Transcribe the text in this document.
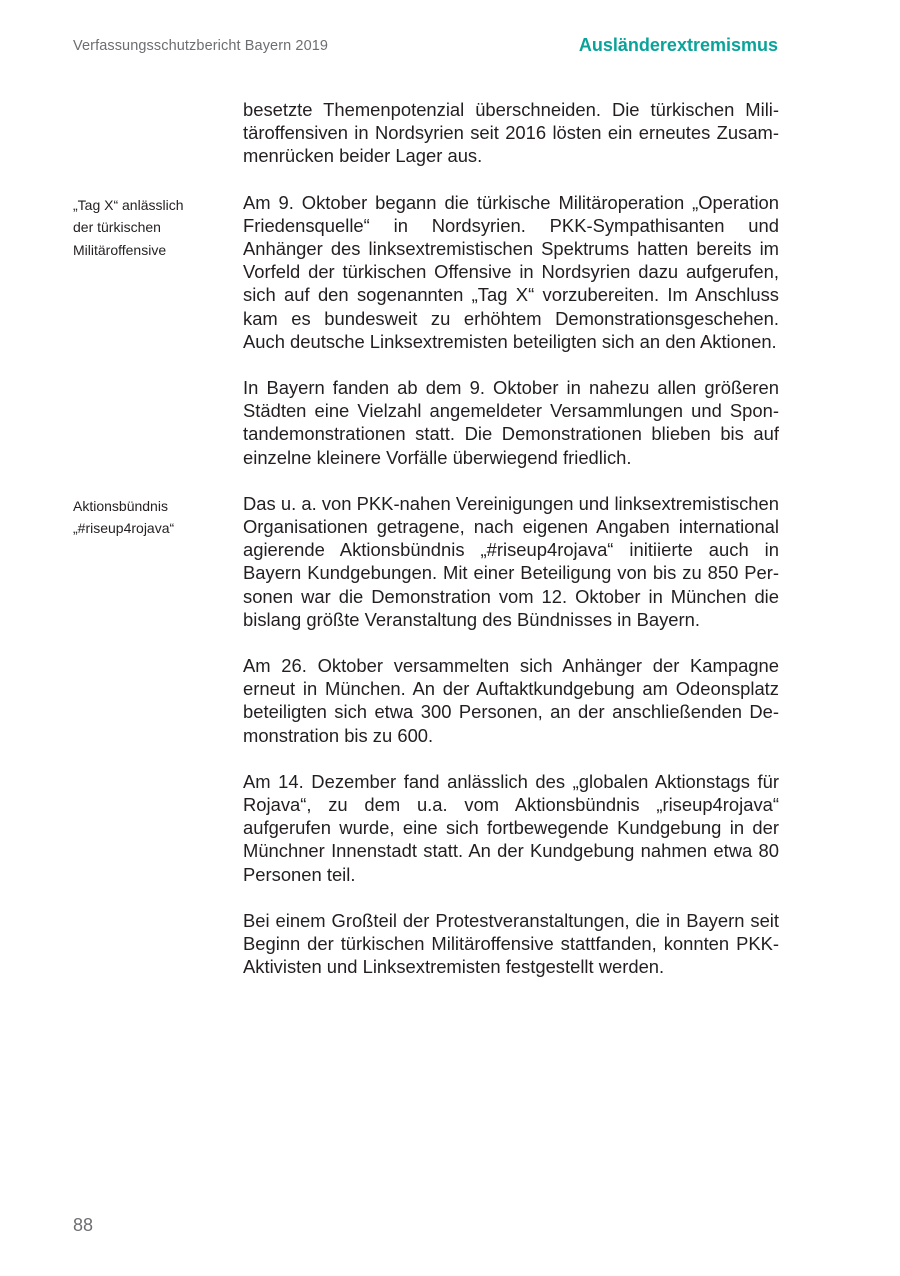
Verfassungsschutzbericht Bayern 2019	Ausländerextremismus

besetzte Themenpotenzial überschneiden. Die türkischen Militäroffensiven in Nordsyrien seit 2016 lösten ein erneutes Zusammenrücken beider Lager aus.

„Tag X“ anlässlich
der türkischen
Militäroffensive

Am 9. Oktober begann die türkische Militäroperation „Operation Friedensquelle“ in Nordsyrien. PKK-Sympathisanten und Anhänger des linksextremistischen Spektrums hatten bereits im Vorfeld der türkischen Offensive in Nordsyrien dazu aufgerufen, sich auf den sogenannten „Tag X“ vorzubereiten. Im Anschluss kam es bundesweit zu erhöhtem Demonstrationsgeschehen. Auch deutsche Linksextremisten beteiligten sich an den Aktionen.

In Bayern fanden ab dem 9. Oktober in nahezu allen größeren Städten eine Vielzahl angemeldeter Versammlungen und Spontandemonstrationen statt. Die Demonstrationen blieben bis auf einzelne kleinere Vorfälle überwiegend friedlich.

Aktionsbündnis
„#riseup4rojava“

Das u. a. von PKK-nahen Vereinigungen und linksextremistischen Organisationen getragene, nach eigenen Angaben international agierende Aktionsbündnis „#riseup4rojava“ initiierte auch in Bayern Kundgebungen. Mit einer Beteiligung von bis zu 850 Personen war die Demonstration vom 12. Oktober in München die bislang größte Veranstaltung des Bündnisses in Bayern.

Am 26. Oktober versammelten sich Anhänger der Kampagne erneut in München. An der Auftaktkundgebung am Odeonsplatz beteiligten sich etwa 300 Personen, an der anschließenden Demonstration bis zu 600.

Am 14. Dezember fand anlässlich des „globalen Aktionstags für Rojava“, zu dem u.a. vom Aktionsbündnis „riseup4rojava“ aufgerufen wurde, eine sich fortbewegende Kundgebung in der Münchner Innenstadt statt. An der Kundgebung nahmen etwa 80 Personen teil.

Bei einem Großteil der Protestveranstaltungen, die in Bayern seit Beginn der türkischen Militäroffensive stattfanden, konnten PKK-Aktivisten und Linksextremisten festgestellt werden.

88
